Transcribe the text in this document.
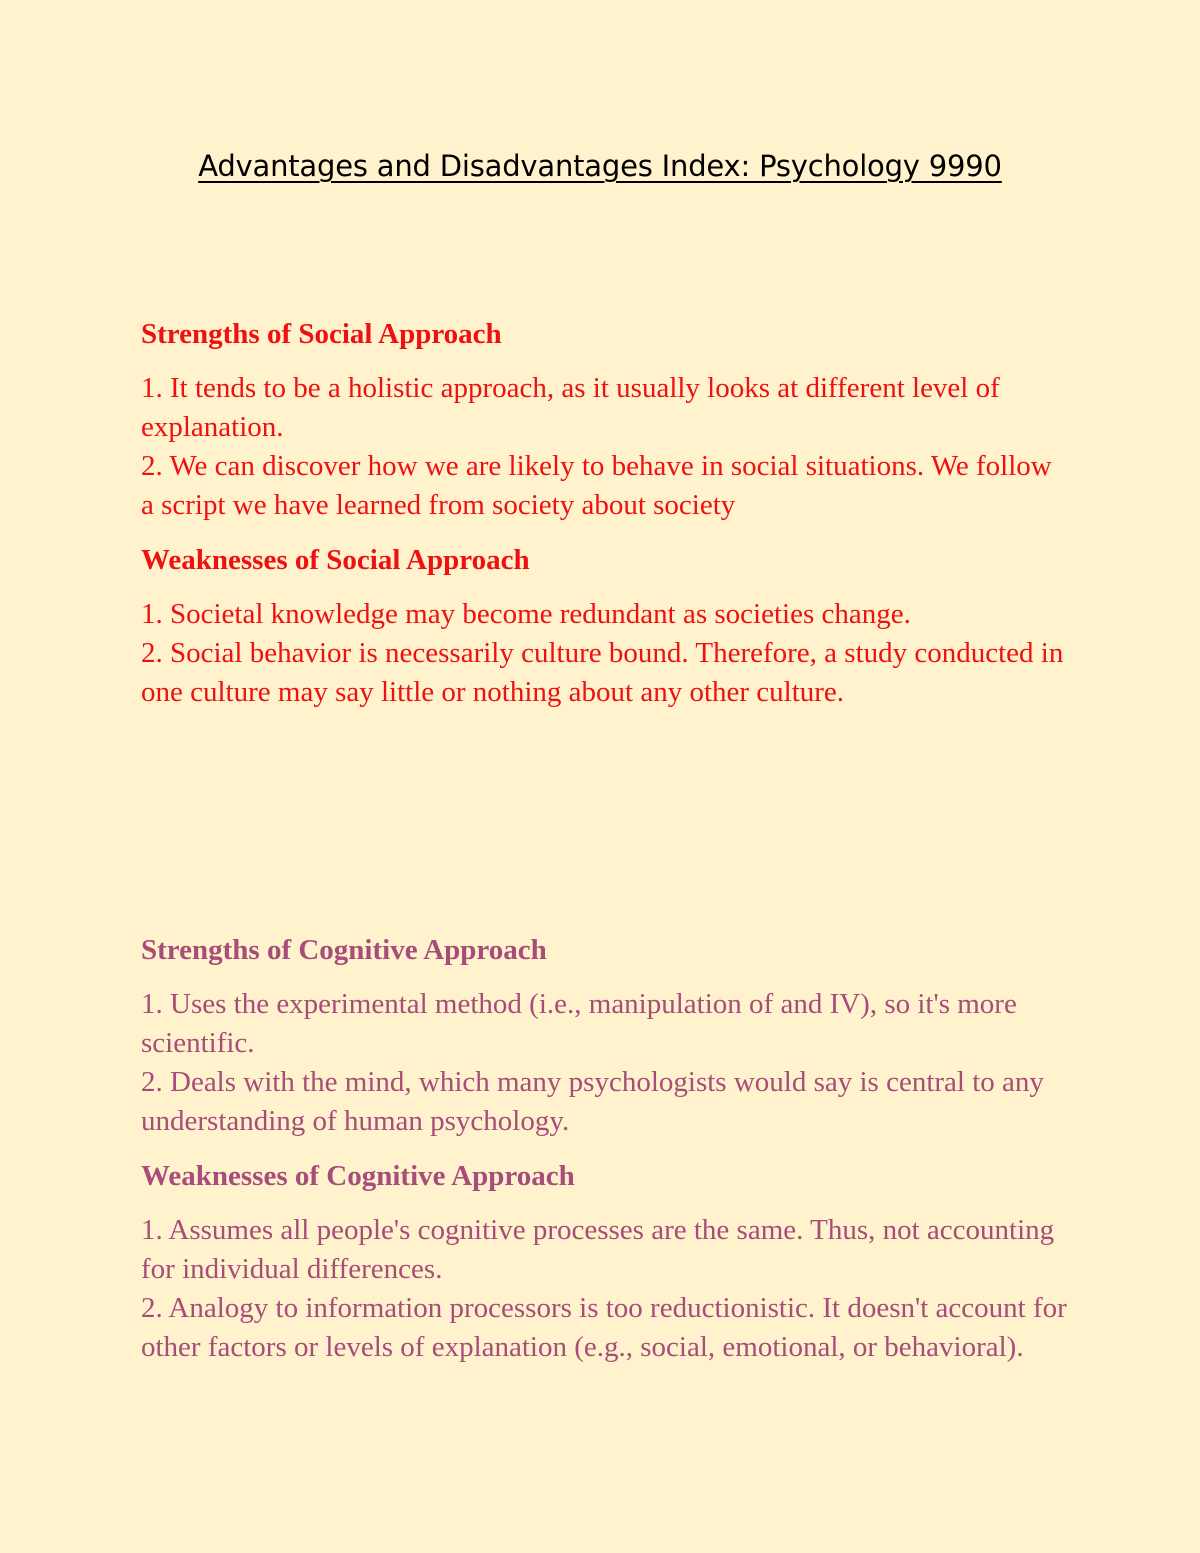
Advantages and Disadvantages Index: Psychology 9990

Strengths of Social Approach

1. It tends to be a holistic approach, as it usually looks at different level of explanation.

2. We can discover how we are likely to behave in social situations. We follow a script we have learned from society about society

Weaknesses of Social Approach

1. Societal knowledge may become redundant as societies change.

2. Social behavior is necessarily culture bound. Therefore, a study conducted in one culture may say little or nothing about any other culture.

Strengths of Cognitive Approach

1. Uses the experimental method (i.e., manipulation of and IV), so it's more scientific.

2. Deals with the mind, which many psychologists would say is central to any understanding of human psychology.

Weaknesses of Cognitive Approach

1. Assumes all people's cognitive processes are the same. Thus, not accounting for individual differences.

2. Analogy to information processors is too reductionistic. It doesn't account for other factors or levels of explanation (e.g., social, emotional, or behavioral).
